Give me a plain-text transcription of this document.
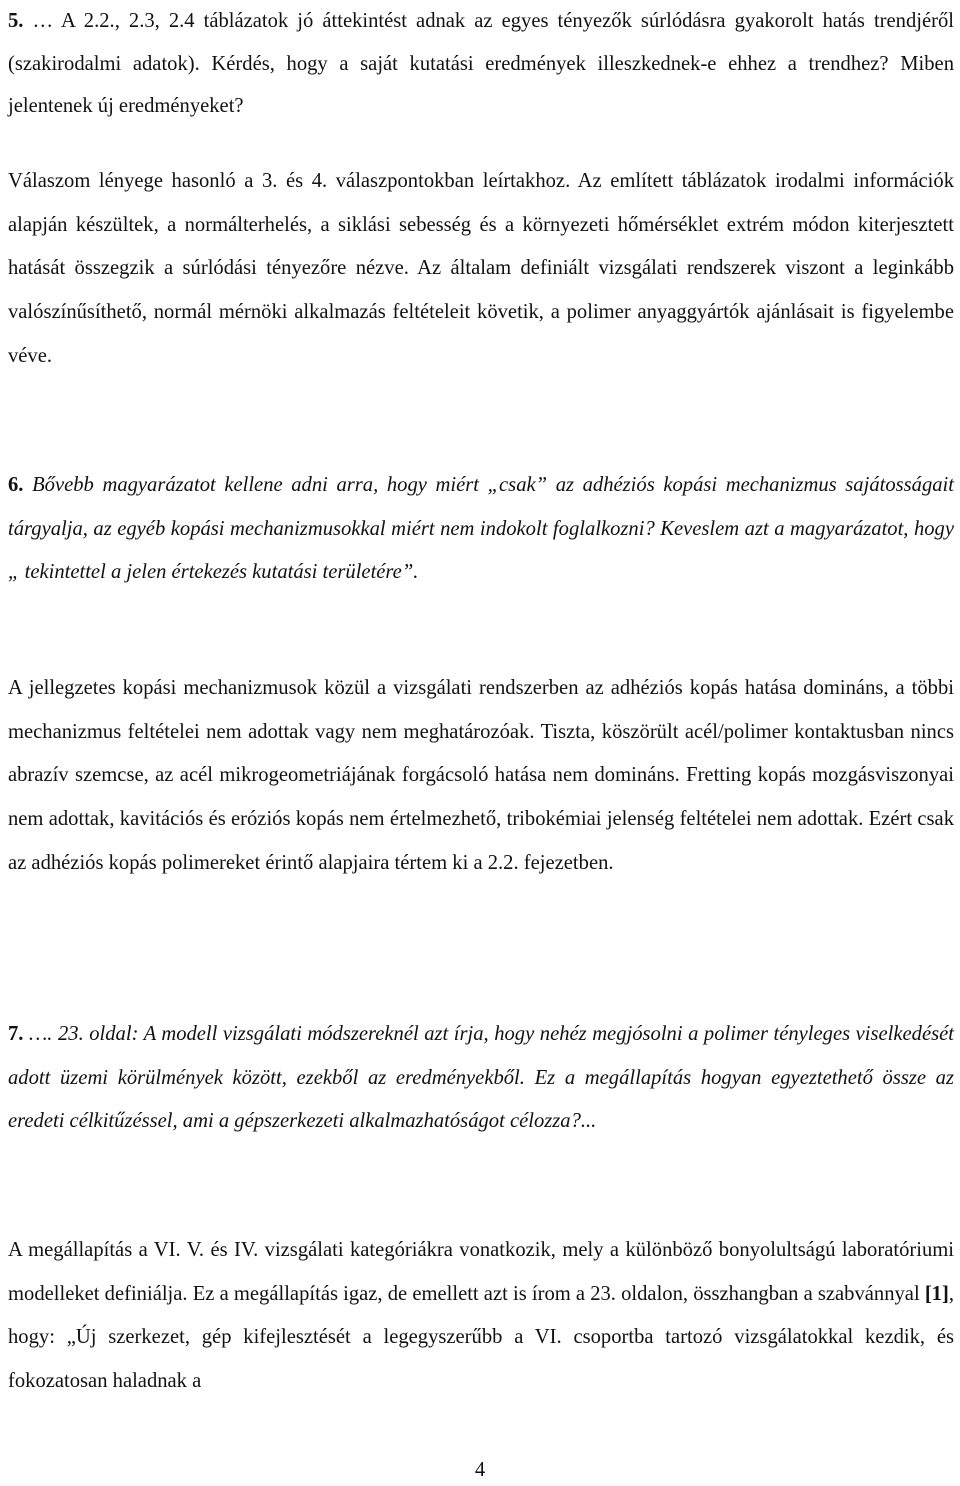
5. … A 2.2., 2.3, 2.4 táblázatok jó áttekintést adnak az egyes tényezők súrlódásra gyakorolt hatás trendjéről (szakirodalmi adatok). Kérdés, hogy a saját kutatási eredmények illeszkednek-e ehhez a trendhez? Miben jelentenek új eredményeket?

Válaszom lényege hasonló a 3. és 4. válaszpontokban leírtakhoz. Az említett táblázatok irodalmi információk alapján készültek, a normálterhelés, a siklási sebesség és a környezeti hőmérséklet extrém módon kiterjesztett hatását összegzik a súrlódási tényezőre nézve. Az általam definiált vizsgálati rendszerek viszont a leginkább valószínűsíthető, normál mérnöki alkalmazás feltételeit követik, a polimer anyaggyártók ajánlásait is figyelembe véve.

6. Bővebb magyarázatot kellene adni arra, hogy miért „csak” az adhéziós kopási mechanizmus sajátosságait tárgyalja, az egyéb kopási mechanizmusokkal miért nem indokolt foglalkozni? Keveslem azt a magyarázatot, hogy „ tekintettel a jelen értekezés kutatási területére”.

A jellegzetes kopási mechanizmusok közül a vizsgálati rendszerben az adhéziós kopás hatása domináns, a többi mechanizmus feltételei nem adottak vagy nem meghatározóak. Tiszta, köszörült acél/polimer kontaktusban nincs abrazív szemcse, az acél mikrogeometriájának forgácsoló hatása nem domináns. Fretting kopás mozgásviszonyai nem adottak, kavitációs és eróziós kopás nem értelmezhető, tribokémiai jelenség feltételei nem adottak. Ezért csak az adhéziós kopás polimereket érintő alapjaira tértem ki a 2.2. fejezetben.

7. …. 23. oldal: A modell vizsgálati módszereknél azt írja, hogy nehéz megjósolni a polimer tényleges viselkedését adott üzemi körülmények között, ezekből az eredményekből. Ez a megállapítás hogyan egyeztethető össze az eredeti célkitűzéssel, ami a gépszerkezeti alkalmazhatóságot célozza?...

A megállapítás a VI. V. és IV. vizsgálati kategóriákra vonatkozik, mely a különböző bonyolultságú laboratóriumi modelleket definiálja. Ez a megállapítás igaz, de emellett azt is írom a 23. oldalon, összhangban a szabvánnyal [1], hogy: „Új szerkezet, gép kifejlesztését a legegyszerűbb a VI. csoportba tartozó vizsgálatokkal kezdik, és fokozatosan haladnak a

4
